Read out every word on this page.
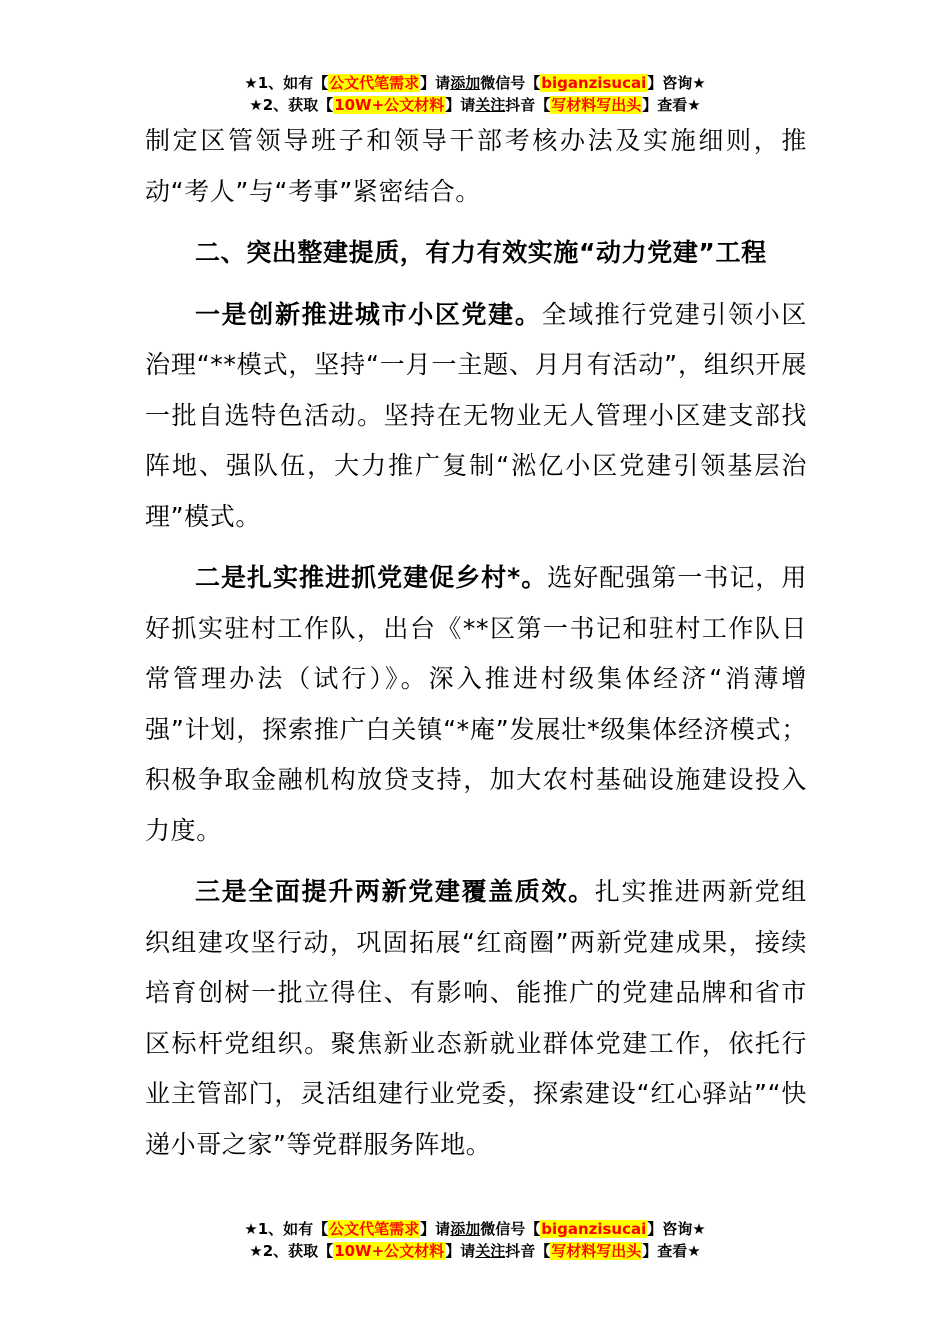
★1、如有【公文代笔需求】请添加微信号【biganzisucai】咨询★
★2、获取【10W+公文材料】请关注抖音【写材料写出头】查看★

制定区管领导班子和领导干部考核办法及实施细则，推动“考人”与“考事”紧密结合。

二、突出整建提质，有力有效实施“动力党建”工程

一是创新推进城市小区党建。全域推行党建引领小区治理“**模式，坚持“一月一主题、月月有活动”，组织开展一批自选特色活动。坚持在无物业无人管理小区建支部找阵地、强队伍，大力推广复制“淞亿小区党建引领基层治理”模式。

二是扎实推进抓党建促乡村*。选好配强第一书记，用好抓实驻村工作队，出台《**区第一书记和驻村工作队日常管理办法（试行）》。深入推进村级集体经济“消薄增强”计划，探索推广白关镇“*庵”发展壮*级集体经济模式；积极争取金融机构放贷支持，加大农村基础设施建设投入力度。

三是全面提升两新党建覆盖质效。扎实推进两新党组织组建攻坚行动，巩固拓展“红商圈”两新党建成果，接续培育创树一批立得住、有影响、能推广的党建品牌和省市区标杆党组织。聚焦新业态新就业群体党建工作，依托行业主管部门，灵活组建行业党委，探索建设“红心驿站”“快递小哥之家”等党群服务阵地。

★1、如有【公文代笔需求】请添加微信号【biganzisucai】咨询★
★2、获取【10W+公文材料】请关注抖音【写材料写出头】查看★
